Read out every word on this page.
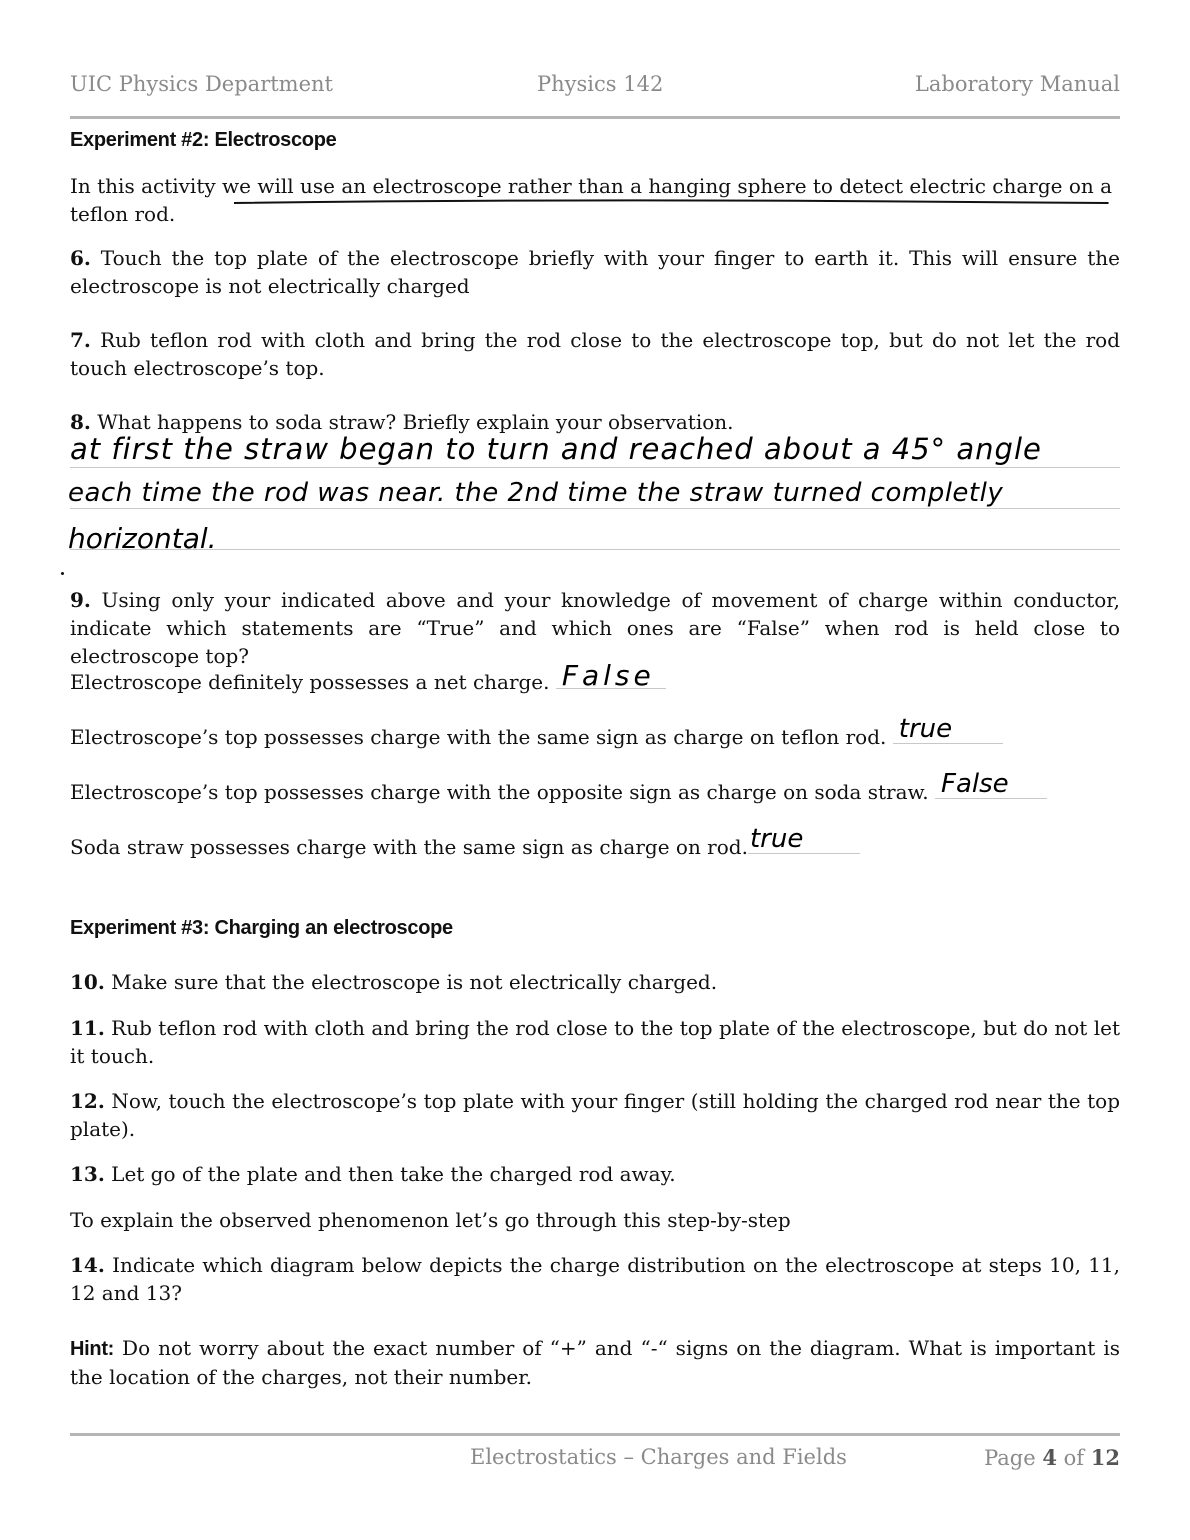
UIC Physics Department	Physics 142	Laboratory Manual
Experiment #2: Electroscope
In this activity we will use an electroscope rather than a hanging sphere to detect electric charge on a teflon rod.
6. Touch the top plate of the electroscope briefly with your finger to earth it. This will ensure the electroscope is not electrically charged
7. Rub teflon rod with cloth and bring the rod close to the electroscope top, but do not let the rod touch electroscope’s top.
8. What happens to soda straw? Briefly explain your observation.
at first the straw began to turn and reached about a 45° angle
each time the rod was near. the 2nd time the straw turned completly
horizontal.
9. Using only your indicated above and your knowledge of movement of charge within conductor, indicate which statements are “True” and which ones are “False” when rod is held close to electroscope top?
Electroscope definitely possesses a net charge. False
Electroscope’s top possesses charge with the same sign as charge on teflon rod. true
Electroscope’s top possesses charge with the opposite sign as charge on soda straw. False
Soda straw possesses charge with the same sign as charge on rod. true
Experiment #3: Charging an electroscope
10. Make sure that the electroscope is not electrically charged.
11. Rub teflon rod with cloth and bring the rod close to the top plate of the electroscope, but do not let it touch.
12. Now, touch the electroscope’s top plate with your finger (still holding the charged rod near the top plate).
13. Let go of the plate and then take the charged rod away.
To explain the observed phenomenon let’s go through this step-by-step
14. Indicate which diagram below depicts the charge distribution on the electroscope at steps 10, 11, 12 and 13?
Hint: Do not worry about the exact number of “+” and “-“ signs on the diagram. What is important is the location of the charges, not their number.
Electrostatics – Charges and Fields	Page 4 of 12
